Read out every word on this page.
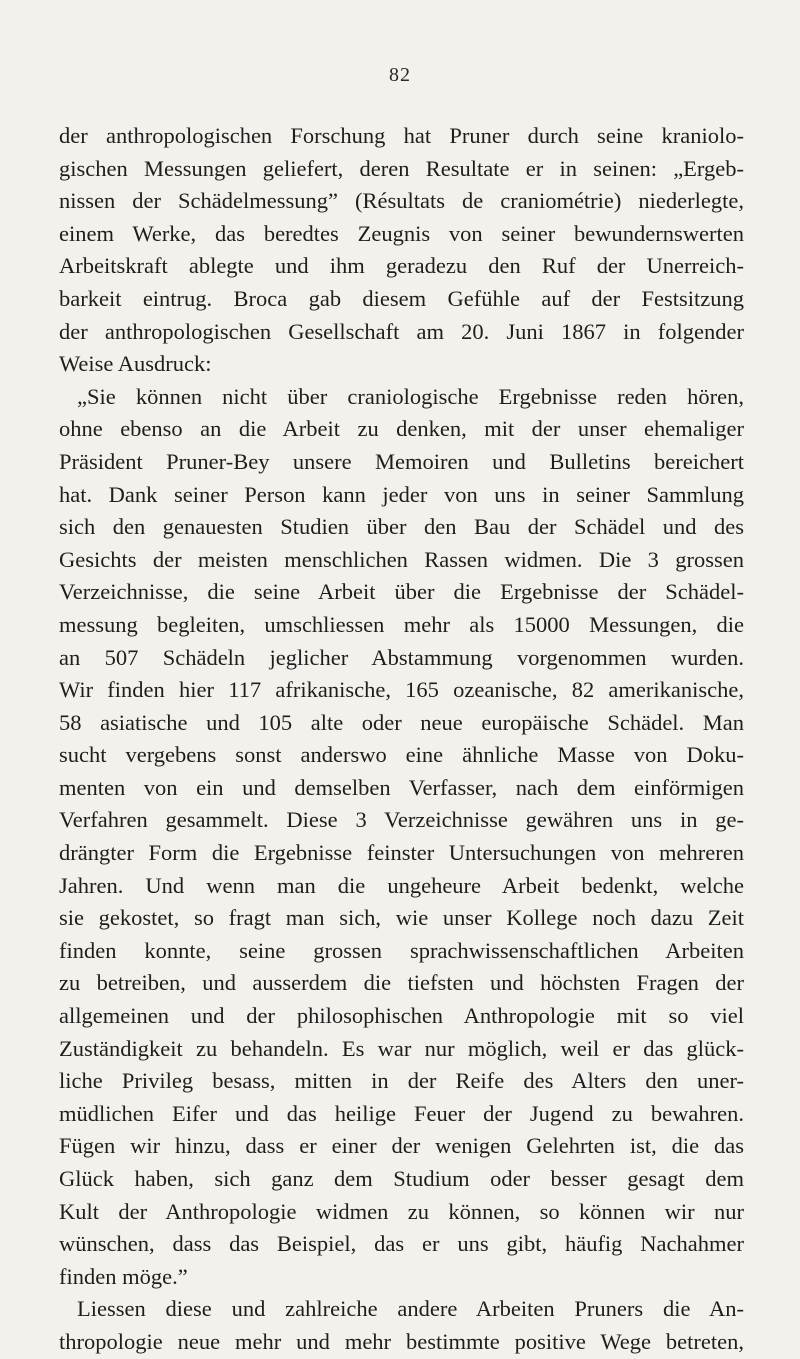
82
der anthropologischen Forschung hat Pruner durch seine kraniolo-
gischen Messungen geliefert, deren Resultate er in seinen: „Ergeb-
nissen der Schädelmessung” (Résultats de craniométrie) niederlegte,
einem Werke, das beredtes Zeugnis von seiner bewundernswerten
Arbeitskraft ablegte und ihm geradezu den Ruf der Unerreich-
barkeit eintrug. Broca gab diesem Gefühle auf der Festsitzung
der anthropologischen Gesellschaft am 20. Juni 1867 in folgender
Weise Ausdruck:
„Sie können nicht über craniologische Ergebnisse reden hören,
ohne ebenso an die Arbeit zu denken, mit der unser ehemaliger
Präsident Pruner-Bey unsere Memoiren und Bulletins bereichert
hat. Dank seiner Person kann jeder von uns in seiner Sammlung
sich den genauesten Studien über den Bau der Schädel und des
Gesichts der meisten menschlichen Rassen widmen. Die 3 grossen
Verzeichnisse, die seine Arbeit über die Ergebnisse der Schädel-
messung begleiten, umschliessen mehr als 15000 Messungen, die
an 507 Schädeln jeglicher Abstammung vorgenommen wurden.
Wir finden hier 117 afrikanische, 165 ozeanische, 82 amerikanische,
58 asiatische und 105 alte oder neue europäische Schädel. Man
sucht vergebens sonst anderswo eine ähnliche Masse von Doku-
menten von ein und demselben Verfasser, nach dem einförmigen
Verfahren gesammelt. Diese 3 Verzeichnisse gewähren uns in ge-
drängter Form die Ergebnisse feinster Untersuchungen von mehreren
Jahren. Und wenn man die ungeheure Arbeit bedenkt, welche
sie gekostet, so fragt man sich, wie unser Kollege noch dazu Zeit
finden konnte, seine grossen sprachwissenschaftlichen Arbeiten
zu betreiben, und ausserdem die tiefsten und höchsten Fragen der
allgemeinen und der philosophischen Anthropologie mit so viel
Zuständigkeit zu behandeln. Es war nur möglich, weil er das glück-
liche Privileg besass, mitten in der Reife des Alters den uner-
müdlichen Eifer und das heilige Feuer der Jugend zu bewahren.
Fügen wir hinzu, dass er einer der wenigen Gelehrten ist, die das
Glück haben, sich ganz dem Studium oder besser gesagt dem
Kult der Anthropologie widmen zu können, so können wir nur
wünschen, dass das Beispiel, das er uns gibt, häufig Nachahmer
finden möge.”
Liessen diese und zahlreiche andere Arbeiten Pruners die An-
thropologie neue mehr und mehr bestimmte positive Wege betreten,
